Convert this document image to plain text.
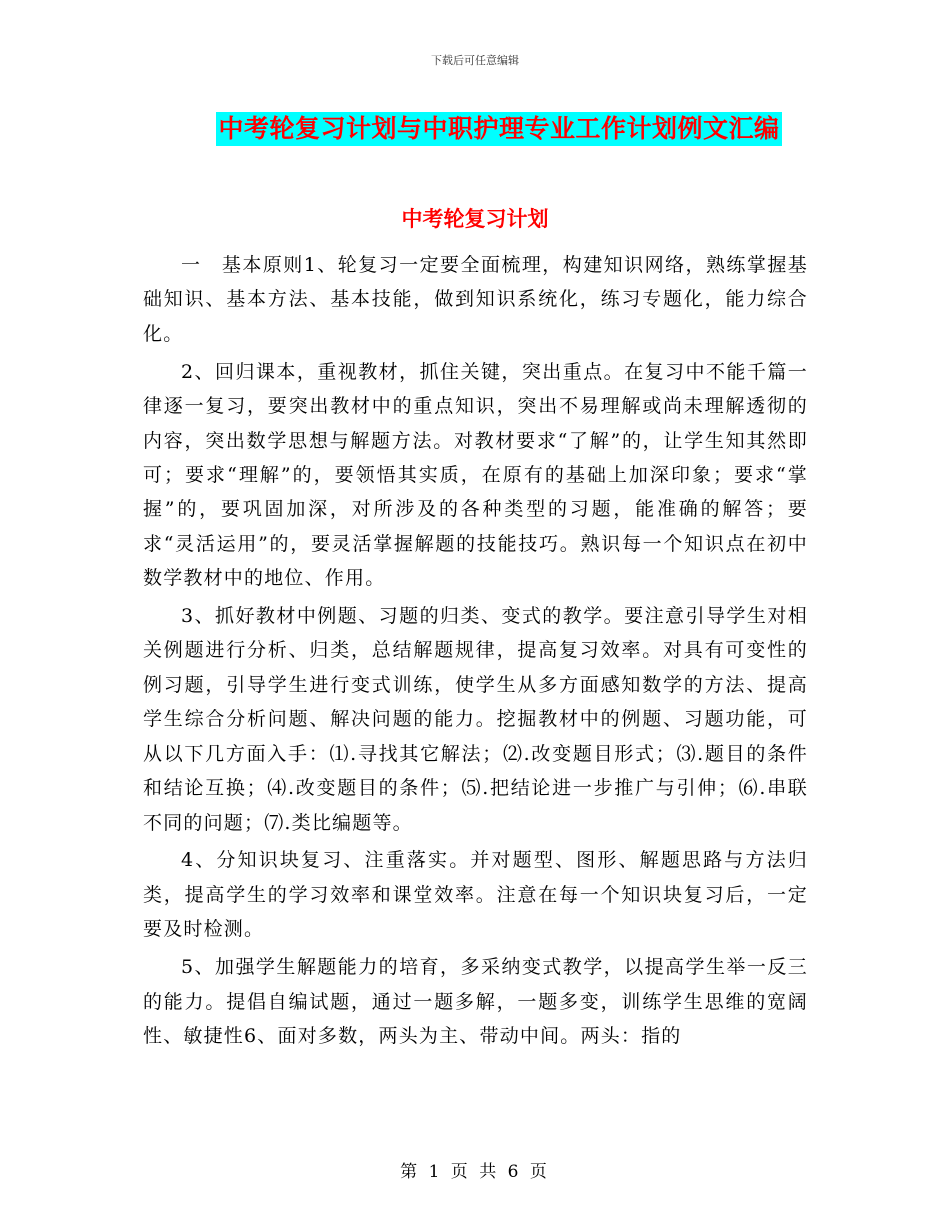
下载后可任意编辑
中考轮复习计划与中职护理专业工作计划例文汇编
中考轮复习计划

一　基本原则1、轮复习一定要全面梳理，构建知识网络，熟练掌握基础知识、基本方法、基本技能，做到知识系统化，练习专题化，能力综合化。

2、回归课本，重视教材，抓住关键，突出重点。在复习中不能千篇一律逐一复习，要突出教材中的重点知识，突出不易理解或尚未理解透彻的内容，突出数学思想与解题方法。对教材要求“了解”的，让学生知其然即可；要求“理解”的，要领悟其实质，在原有的基础上加深印象；要求“掌握”的，要巩固加深，对所涉及的各种类型的习题，能准确的解答；要求“灵活运用”的，要灵活掌握解题的技能技巧。熟识每一个知识点在初中数学教材中的地位、作用。

3、抓好教材中例题、习题的归类、变式的教学。要注意引导学生对相关例题进行分析、归类，总结解题规律，提高复习效率。对具有可变性的例习题，引导学生进行变式训练，使学生从多方面感知数学的方法、提高学生综合分析问题、解决问题的能力。挖掘教材中的例题、习题功能，可从以下几方面入手：⑴.寻找其它解法；⑵.改变题目形式；⑶.题目的条件和结论互换；⑷.改变题目的条件；⑸.把结论进一步推广与引伸；⑹.串联不同的问题；⑺.类比编题等。

4、分知识块复习、注重落实。并对题型、图形、解题思路与方法归类，提高学生的学习效率和课堂效率。注意在每一个知识块复习后，一定要及时检测。

5、加强学生解题能力的培育，多采纳变式教学，以提高学生举一反三的能力。提倡自编试题，通过一题多解，一题多变，训练学生思维的宽阔性、敏捷性6、面对多数，两头为主、带动中间。两头：指的

第 1 页 共 6 页
